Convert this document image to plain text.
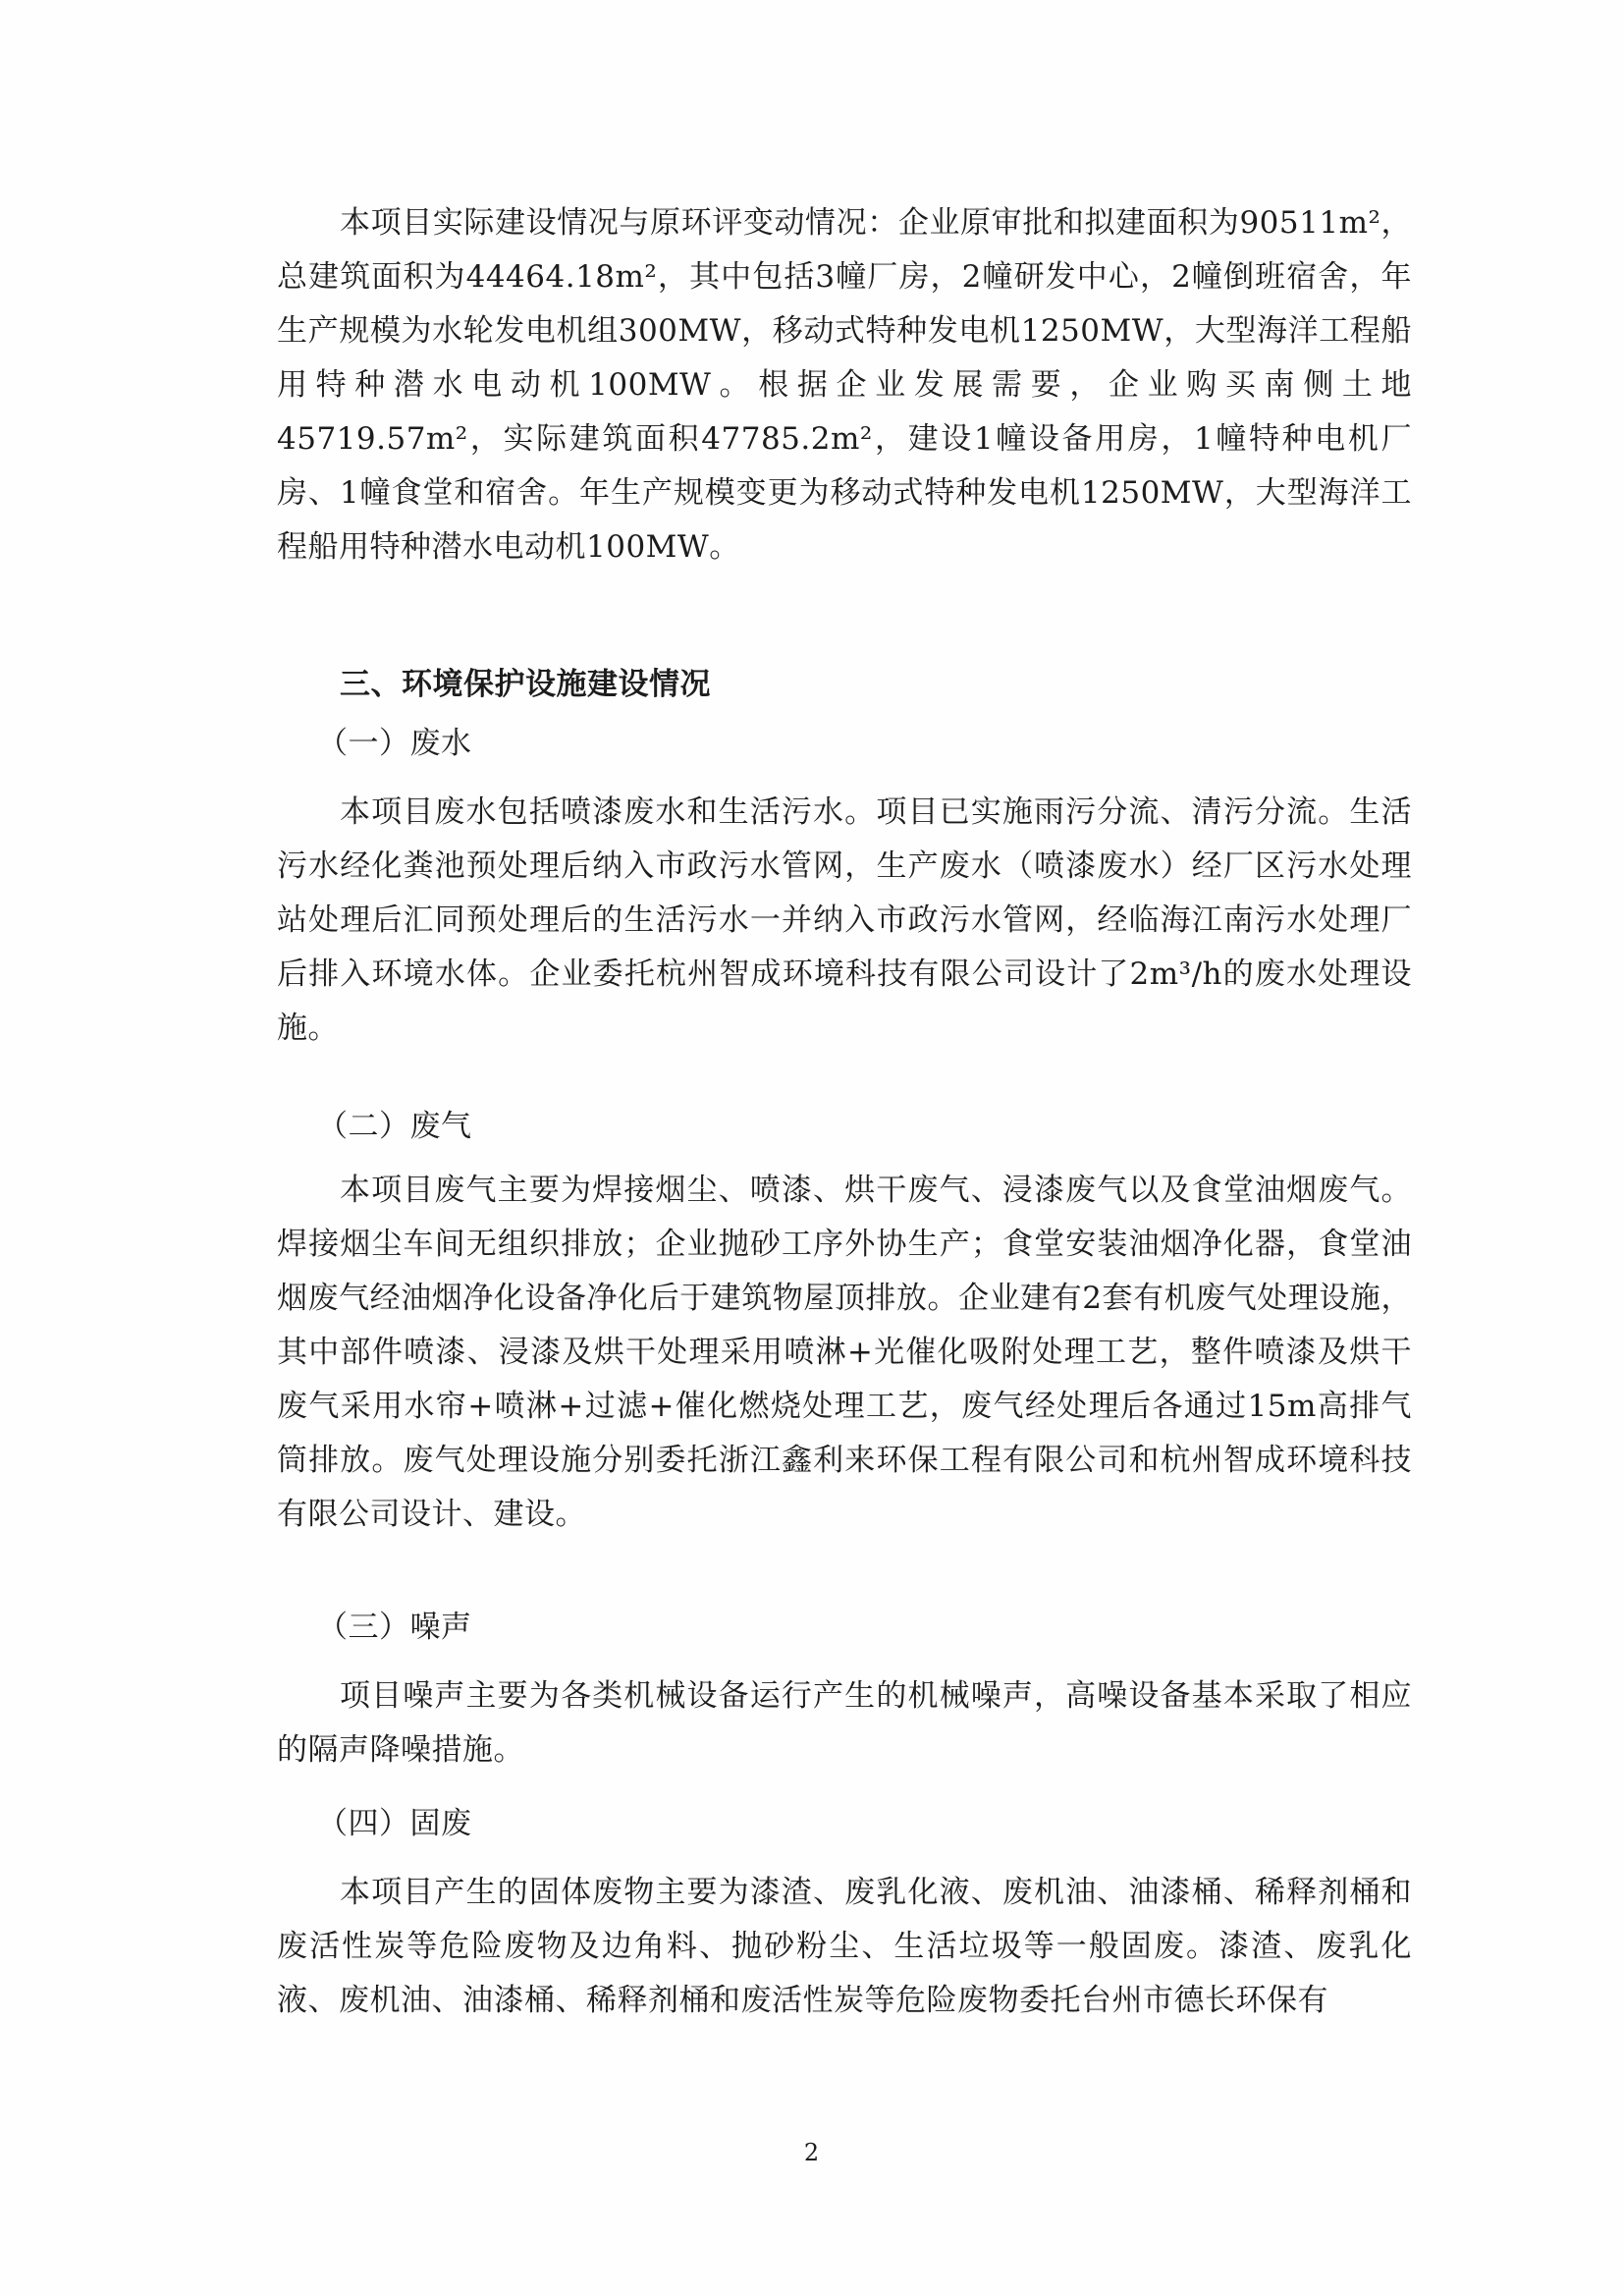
本项目实际建设情况与原环评变动情况：企业原审批和拟建面积为90511m²，总建筑面积为44464.18m²，其中包括3幢厂房，2幢研发中心，2幢倒班宿舍，年生产规模为水轮发电机组300MW，移动式特种发电机1250MW，大型海洋工程船用特种潜水电动机100MW。根据企业发展需要，企业购买南侧土地45719.57m²，实际建筑面积47785.2m²，建设1幢设备用房，1幢特种电机厂房、1幢食堂和宿舍。年生产规模变更为移动式特种发电机1250MW，大型海洋工程船用特种潜水电动机100MW。

三、环境保护设施建设情况

（一）废水

本项目废水包括喷漆废水和生活污水。项目已实施雨污分流、清污分流。生活污水经化粪池预处理后纳入市政污水管网，生产废水（喷漆废水）经厂区污水处理站处理后汇同预处理后的生活污水一并纳入市政污水管网，经临海江南污水处理厂后排入环境水体。企业委托杭州智成环境科技有限公司设计了2m³/h的废水处理设施。

（二）废气

本项目废气主要为焊接烟尘、喷漆、烘干废气、浸漆废气以及食堂油烟废气。焊接烟尘车间无组织排放；企业抛砂工序外协生产；食堂安装油烟净化器，食堂油烟废气经油烟净化设备净化后于建筑物屋顶排放。企业建有2套有机废气处理设施，其中部件喷漆、浸漆及烘干处理采用喷淋+光催化吸附处理工艺，整件喷漆及烘干废气采用水帘+喷淋+过滤+催化燃烧处理工艺，废气经处理后各通过15m高排气筒排放。废气处理设施分别委托浙江鑫利来环保工程有限公司和杭州智成环境科技有限公司设计、建设。

（三）噪声

项目噪声主要为各类机械设备运行产生的机械噪声，高噪设备基本采取了相应的隔声降噪措施。

（四）固废

本项目产生的固体废物主要为漆渣、废乳化液、废机油、油漆桶、稀释剂桶和废活性炭等危险废物及边角料、抛砂粉尘、生活垃圾等一般固废。漆渣、废乳化液、废机油、油漆桶、稀释剂桶和废活性炭等危险废物委托台州市德长环保有

2
